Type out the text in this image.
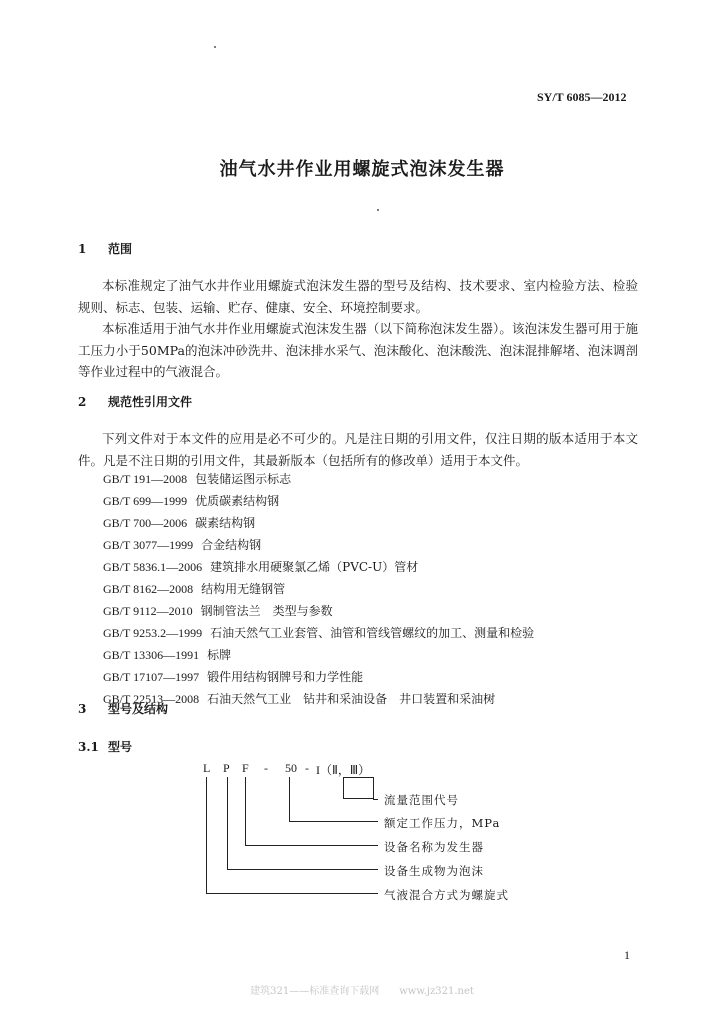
SY/T 6085—2012
油气水井作业用螺旋式泡沫发生器
1 范围

本标准规定了油气水井作业用螺旋式泡沫发生器的型号及结构、技术要求、室内检验方法、检验规则、标志、包装、运输、贮存、健康、安全、环境控制要求。

本标准适用于油气水井作业用螺旋式泡沫发生器（以下简称泡沫发生器）。该泡沫发生器可用于施工压力小于50MPa的泡沫冲砂洗井、泡沫排水采气、泡沫酸化、泡沫酸洗、泡沫混排解堵、泡沫调剖等作业过程中的气液混合。

2 规范性引用文件

下列文件对于本文件的应用是必不可少的。凡是注日期的引用文件，仅注日期的版本适用于本文件。凡是不注日期的引用文件，其最新版本（包括所有的修改单）适用于本文件。

GB/T 191—2008 包装储运图示标志
GB/T 699—1999 优质碳素结构钢
GB/T 700—2006 碳素结构钢
GB/T 3077—1999 合金结构钢
GB/T 5836.1—2006 建筑排水用硬聚氯乙烯（PVC-U）管材
GB/T 8162—2008 结构用无缝钢管
GB/T 9112—2010 钢制管法兰　类型与参数
GB/T 9253.2—1999 石油天然气工业套管、油管和管线管螺纹的加工、测量和检验
GB/T 13306—1991 标牌
GB/T 17107—1997 锻件用结构钢牌号和力学性能
GB/T 22513—2008 石油天然气工业　钻井和采油设备　井口装置和采油树
3 型号及结构
3.1 型号
L P F - 50 - I（Ⅱ，Ⅲ）
流量范围代号
额定工作压力，MPa
设备名称为发生器
设备生成物为泡沫
气液混合方式为螺旋式
1
建筑321——标准查询下载网　　www.jz321.net
